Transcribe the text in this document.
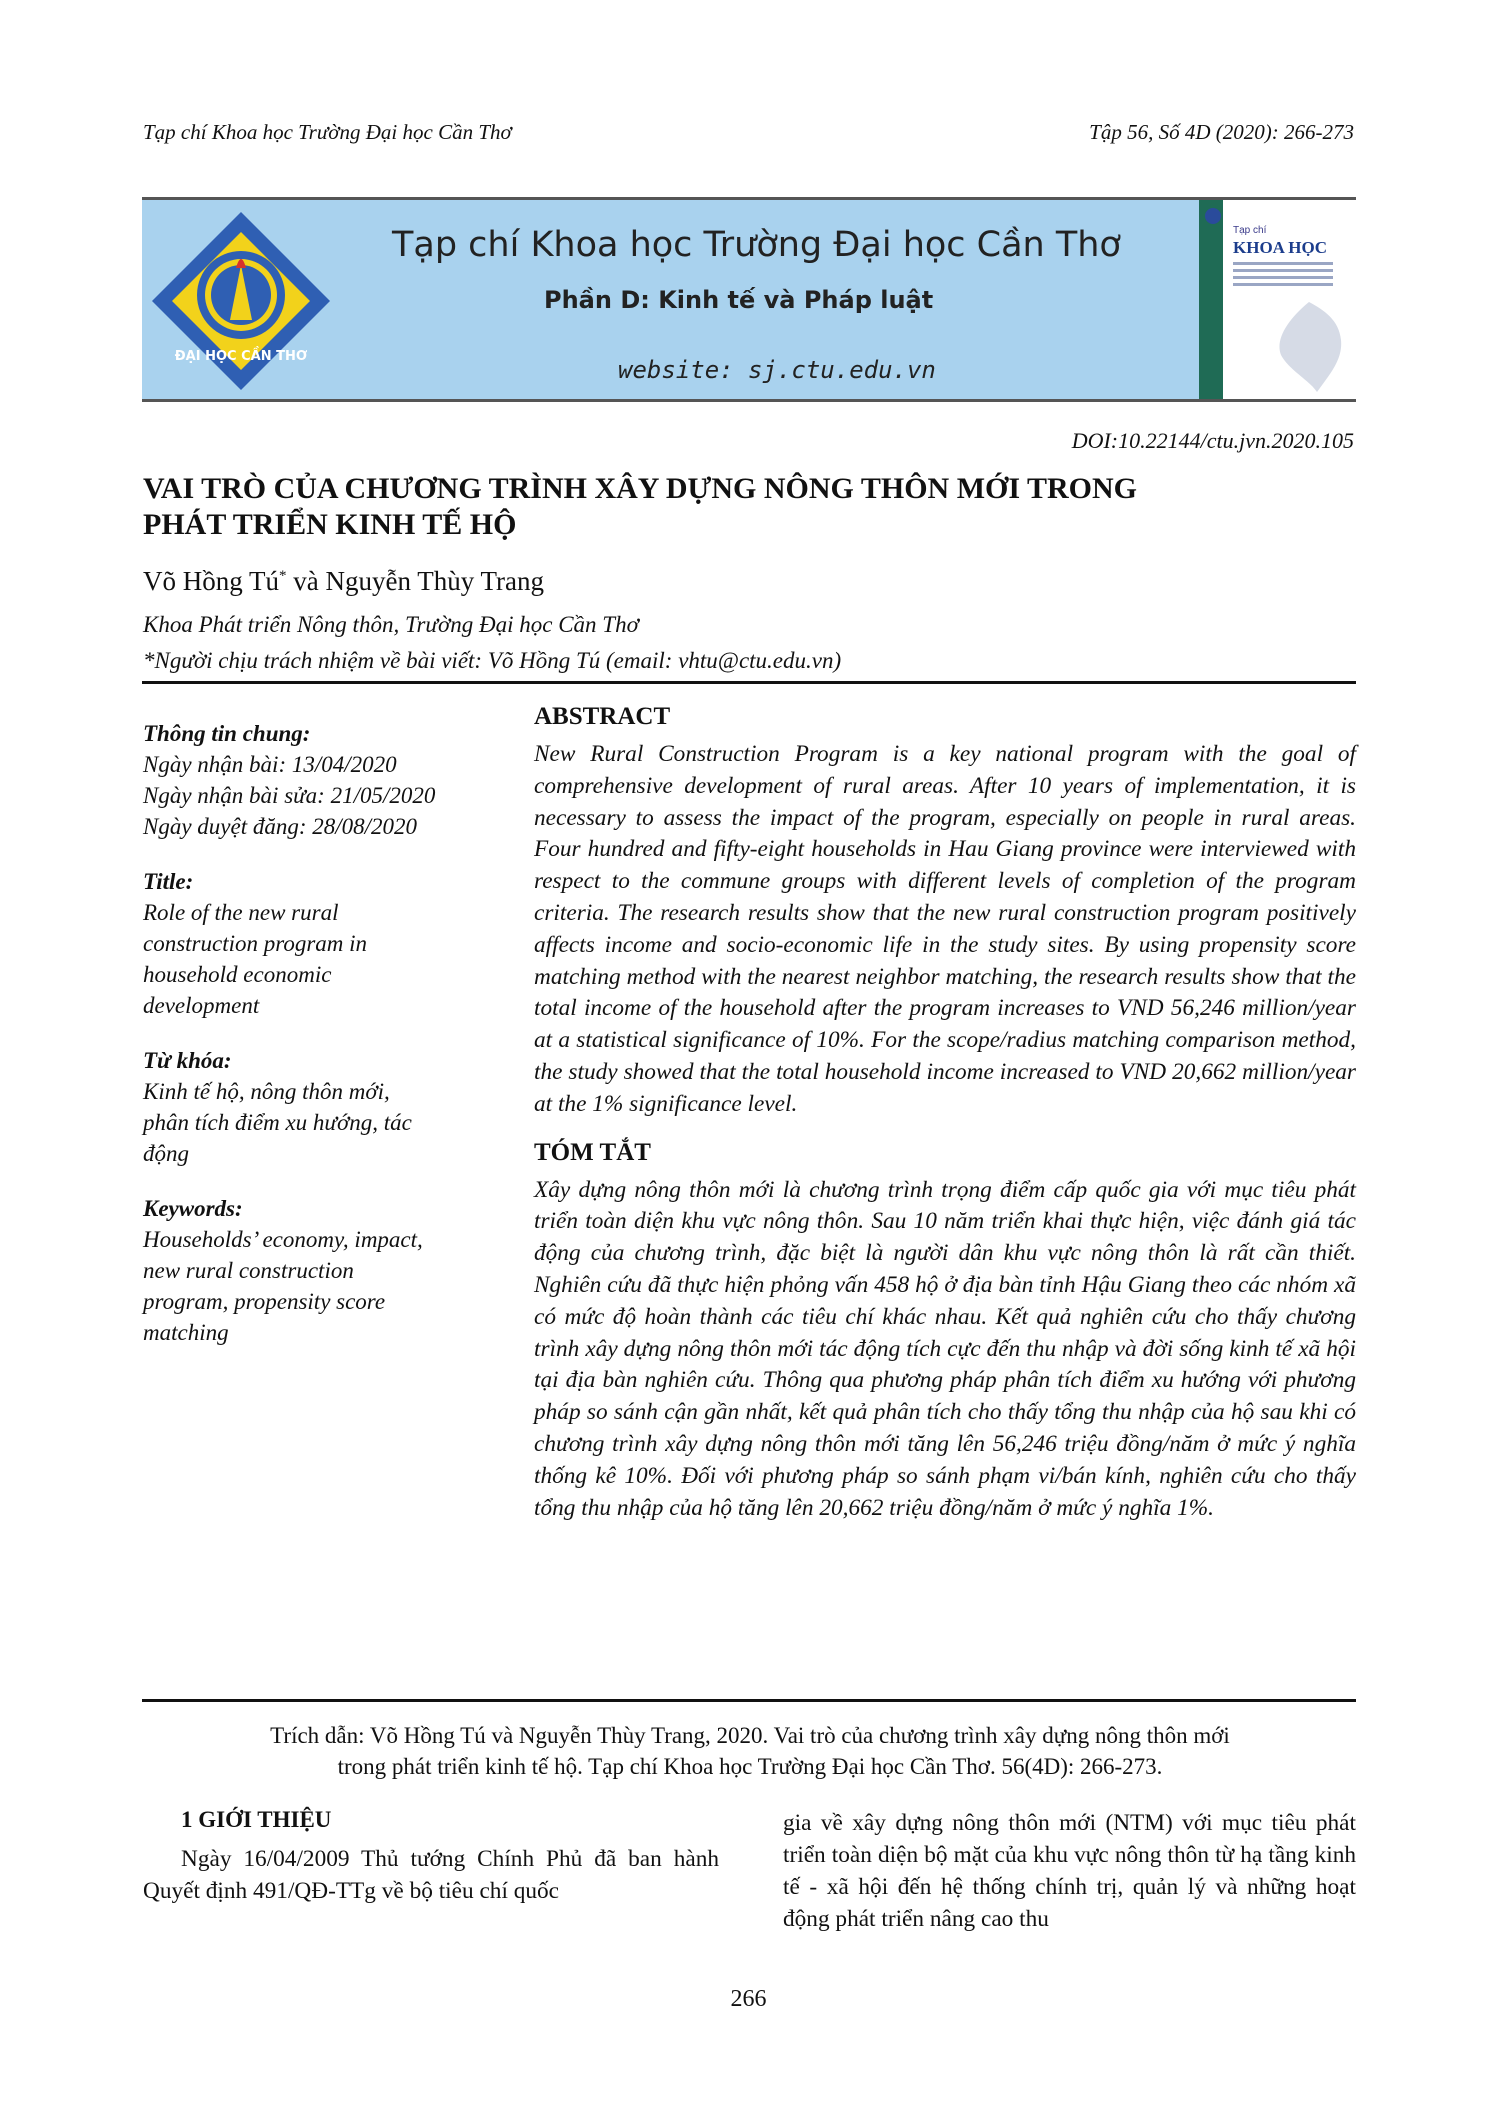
Tạp chí Khoa học Trường Đại học Cần Thơ	Tập 56, Số 4D (2020): 266-273
ĐẠI HỌC CẦN THƠ
Tạp chí Khoa học Trường Đại học Cần Thơ
Phần D: Kinh tế và Pháp luật
website: sj.ctu.edu.vn
Tạp chí
KHOA HỌC
DOI:10.22144/ctu.jvn.2020.105
VAI TRÒ CỦA CHƯƠNG TRÌNH XÂY DỰNG NÔNG THÔN MỚI TRONG
PHÁT TRIỂN KINH TẾ HỘ
Võ Hồng Tú* và Nguyễn Thùy Trang
Khoa Phát triển Nông thôn, Trường Đại học Cần Thơ
*Người chịu trách nhiệm về bài viết: Võ Hồng Tú (email: vhtu@ctu.edu.vn)
Thông tin chung:
Ngày nhận bài: 13/04/2020
Ngày nhận bài sửa: 21/05/2020
Ngày duyệt đăng: 28/08/2020
Title:
Role of the new rural
construction program in
household economic
development
Từ khóa:
Kinh tế hộ, nông thôn mới,
phân tích điểm xu hướng, tác
động
Keywords:
Households’ economy, impact,
new rural construction
program, propensity score
matching
ABSTRACT
New Rural Construction Program is a key national program with the goal of comprehensive development of rural areas. After 10 years of implementation, it is necessary to assess the impact of the program, especially on people in rural areas. Four hundred and fifty-eight households in Hau Giang province were interviewed with respect to the commune groups with different levels of completion of the program criteria. The research results show that the new rural construction program positively affects income and socio-economic life in the study sites. By using propensity score matching method with the nearest neighbor matching, the research results show that the total income of the household after the program increases to VND 56,246 million/year at a statistical significance of 10%. For the scope/radius matching comparison method, the study showed that the total household income increased to VND 20,662 million/year at the 1% significance level.
TÓM TẮT
Xây dựng nông thôn mới là chương trình trọng điểm cấp quốc gia với mục tiêu phát triển toàn diện khu vực nông thôn. Sau 10 năm triển khai thực hiện, việc đánh giá tác động của chương trình, đặc biệt là người dân khu vực nông thôn là rất cần thiết. Nghiên cứu đã thực hiện phỏng vấn 458 hộ ở địa bàn tỉnh Hậu Giang theo các nhóm xã có mức độ hoàn thành các tiêu chí khác nhau. Kết quả nghiên cứu cho thấy chương trình xây dựng nông thôn mới tác động tích cực đến thu nhập và đời sống kinh tế xã hội tại địa bàn nghiên cứu. Thông qua phương pháp phân tích điểm xu hướng với phương pháp so sánh cận gần nhất, kết quả phân tích cho thấy tổng thu nhập của hộ sau khi có chương trình xây dựng nông thôn mới tăng lên 56,246 triệu đồng/năm ở mức ý nghĩa thống kê 10%. Đối với phương pháp so sánh phạm vi/bán kính, nghiên cứu cho thấy tổng thu nhập của hộ tăng lên 20,662 triệu đồng/năm ở mức ý nghĩa 1%.
Trích dẫn: Võ Hồng Tú và Nguyễn Thùy Trang, 2020. Vai trò của chương trình xây dựng nông thôn mới
trong phát triển kinh tế hộ. Tạp chí Khoa học Trường Đại học Cần Thơ. 56(4D): 266-273.
1 GIỚI THIỆU
Ngày 16/04/2009 Thủ tướng Chính Phủ đã ban hành Quyết định 491/QĐ-TTg về bộ tiêu chí quốc
gia về xây dựng nông thôn mới (NTM) với mục tiêu phát triển toàn diện bộ mặt của khu vực nông thôn từ hạ tầng kinh tế - xã hội đến hệ thống chính trị, quản lý và những hoạt động phát triển nâng cao thu
266
